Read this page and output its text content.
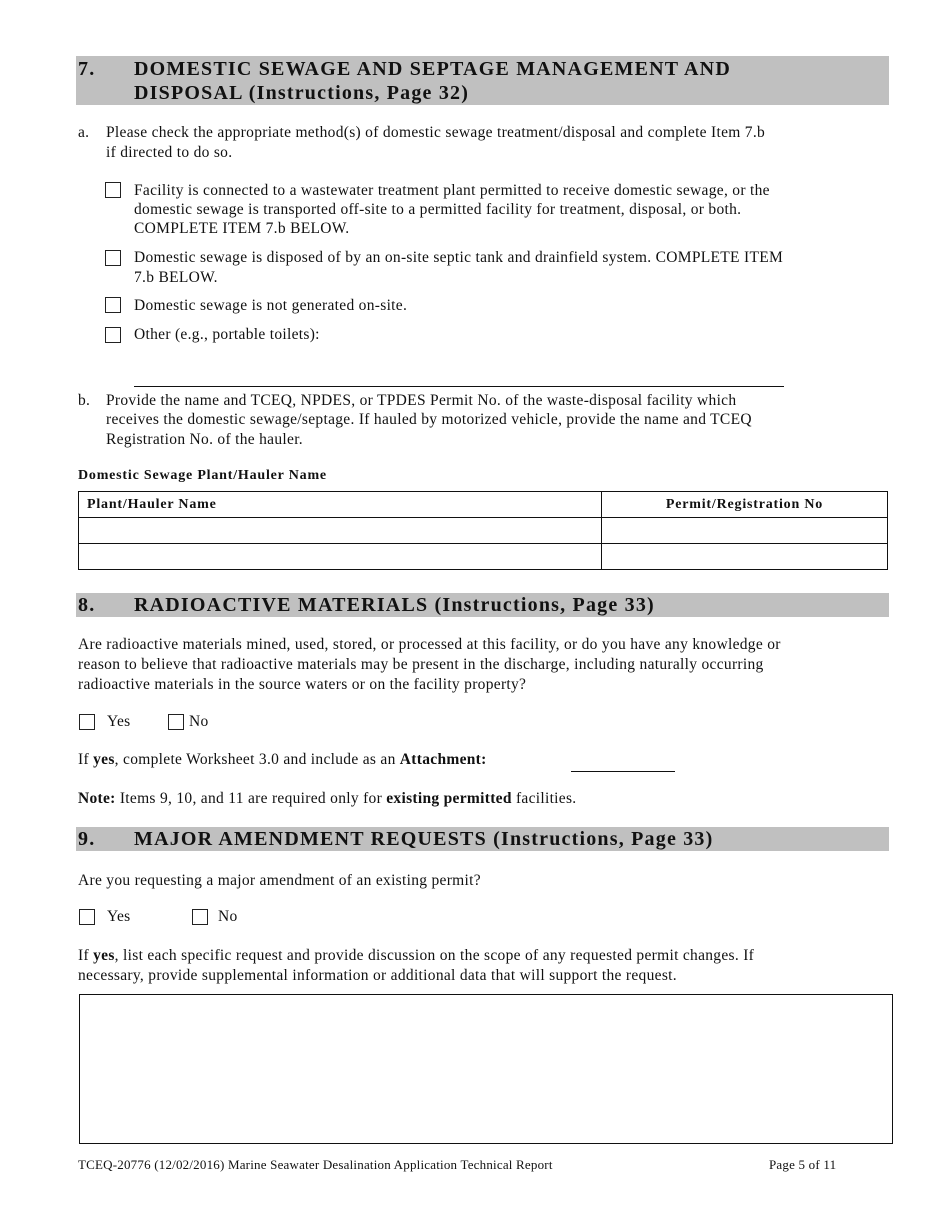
7. DOMESTIC SEWAGE AND SEPTAGE MANAGEMENT AND
DISPOSAL (Instructions, Page 32)
a. Please check the appropriate method(s) of domestic sewage treatment/disposal and complete Item 7.b
if directed to do so.
Facility is connected to a wastewater treatment plant permitted to receive domestic sewage, or the
domestic sewage is transported off-site to a permitted facility for treatment, disposal, or both.
COMPLETE ITEM 7.b BELOW.
Domestic sewage is disposed of by an on-site septic tank and drainfield system. COMPLETE ITEM
7.b BELOW.
Domestic sewage is not generated on-site.
Other (e.g., portable toilets):
b. Provide the name and TCEQ, NPDES, or TPDES Permit No. of the waste-disposal facility which
receives the domestic sewage/septage. If hauled by motorized vehicle, provide the name and TCEQ
Registration No. of the hauler.
Domestic Sewage Plant/Hauler Name
Plant/Hauler Name	Permit/Registration No

8. RADIOACTIVE MATERIALS (Instructions, Page 33)
Are radioactive materials mined, used, stored, or processed at this facility, or do you have any knowledge or
reason to believe that radioactive materials may be present in the discharge, including naturally occurring
radioactive materials in the source waters or on the facility property?
Yes	No
If yes, complete Worksheet 3.0 and include as an Attachment:
Note: Items 9, 10, and 11 are required only for existing permitted facilities.
9. MAJOR AMENDMENT REQUESTS (Instructions, Page 33)
Are you requesting a major amendment of an existing permit?
Yes	No
If yes, list each specific request and provide discussion on the scope of any requested permit changes. If
necessary, provide supplemental information or additional data that will support the request.
TCEQ-20776 (12/02/2016) Marine Seawater Desalination Application Technical Report	Page 5 of 11
